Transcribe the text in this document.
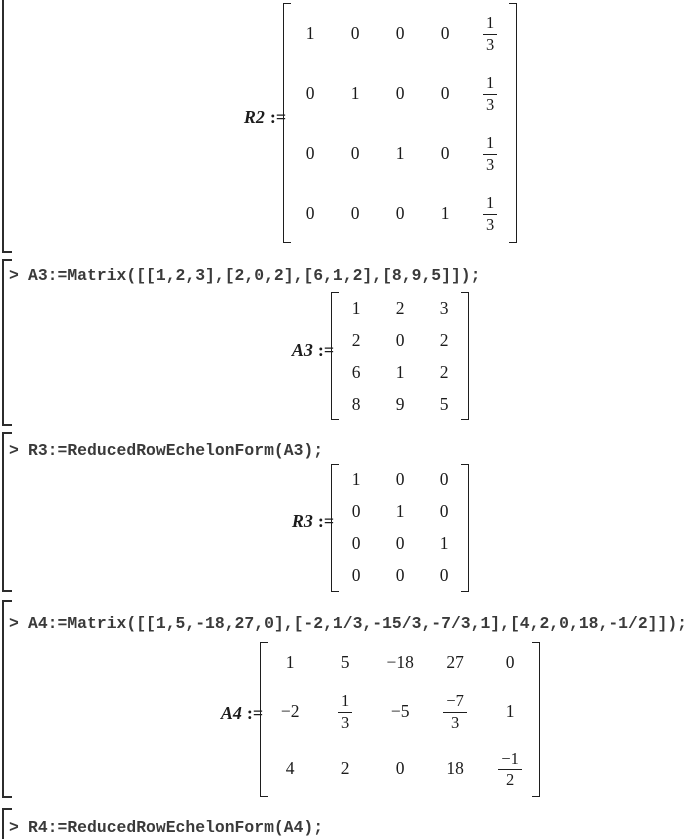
R2 :=
1 0 0 $0 \frac{1}{3}$
0 1 0 $0 \frac{1}{3}$
0 0 1 $0 \frac{1}{3}$
0 0 0 $1 \frac{1}{3}$
> A3:=Matrix([[1,2,3],[2,0,2],[6,1,2],[8,9,5]]);
A3 :=
1 2 3
2 0 2
6 1 2
8 9 5
> R3:=ReducedRowEchelonForm(A3);
R3 :=
1 0 0
0 1 0
0 0 1
0 0 0
> A4:=Matrix([[1,5,-18,27,0],[-2,1/3,-15/3,-7/3,1],[4,2,0,18,-1/2]]);
A4 :=
1	5 −18 27 0
$-2 \frac{1}{3} -5 \frac{-7}{3} 1$
4	2	0 $18 \frac{-1}{2}$
> R4:=ReducedRowEchelonForm(A4);
